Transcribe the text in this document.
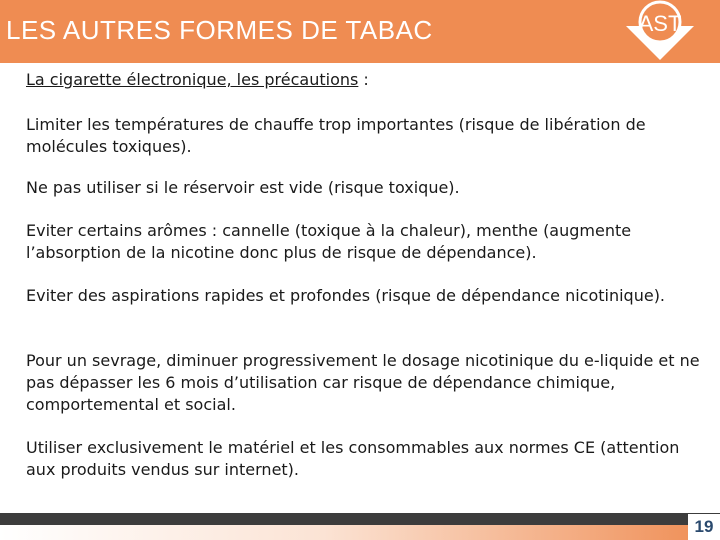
LES AUTRES FORMES DE TABAC	AST

La cigarette électronique, les précautions :

Limiter les températures de chauffe trop importantes (risque de libération de molécules toxiques).

Ne pas utiliser si le réservoir est vide (risque toxique).

Eviter certains arômes : cannelle (toxique à la chaleur), menthe (augmente l’absorption de la nicotine donc plus de risque de dépendance).

Eviter des aspirations rapides et profondes (risque de dépendance nicotinique).

Pour un sevrage, diminuer progressivement le dosage nicotinique du e-liquide et ne pas dépasser les 6 mois d’utilisation car risque de dépendance chimique, comportemental et social.

Utiliser exclusivement le matériel et les consommables aux normes CE (attention aux produits vendus sur internet).

19
